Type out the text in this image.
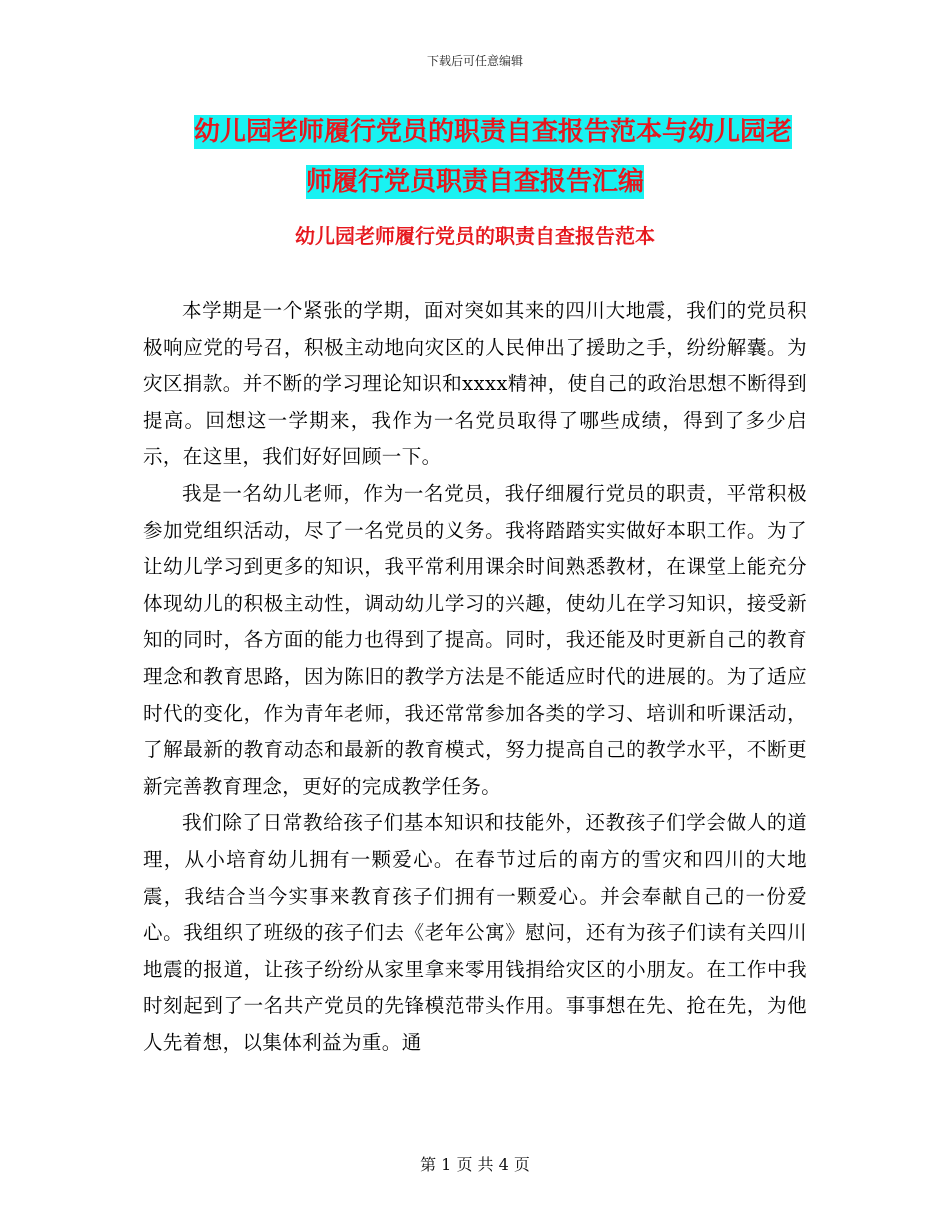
下载后可任意编辑
幼儿园老师履行党员的职责自查报告范本与幼儿园老
师履行党员职责自查报告汇编
幼儿园老师履行党员的职责自查报告范本

本学期是一个紧张的学期，面对突如其来的四川大地震，我们的党员积极响应党的号召，积极主动地向灾区的人民伸出了援助之手，纷纷解囊。为灾区捐款。并不断的学习理论知识和xxxx精神，使自己的政治思想不断得到提高。回想这一学期来，我作为一名党员取得了哪些成绩，得到了多少启示，在这里，我们好好回顾一下。

我是一名幼儿老师，作为一名党员，我仔细履行党员的职责，平常积极参加党组织活动，尽了一名党员的义务。我将踏踏实实做好本职工作。为了让幼儿学习到更多的知识，我平常利用课余时间熟悉教材，在课堂上能充分体现幼儿的积极主动性，调动幼儿学习的兴趣，使幼儿在学习知识，接受新知的同时，各方面的能力也得到了提高。同时，我还能及时更新自己的教育理念和教育思路，因为陈旧的教学方法是不能适应时代的进展的。为了适应时代的变化，作为青年老师，我还常常参加各类的学习、培训和听课活动，了解最新的教育动态和最新的教育模式，努力提高自己的教学水平，不断更新完善教育理念，更好的完成教学任务。

我们除了日常教给孩子们基本知识和技能外，还教孩子们学会做人的道理，从小培育幼儿拥有一颗爱心。在春节过后的南方的雪灾和四川的大地震，我结合当今实事来教育孩子们拥有一颗爱心。并会奉献自己的一份爱心。我组织了班级的孩子们去《老年公寓》慰问，还有为孩子们读有关四川地震的报道，让孩子纷纷从家里拿来零用钱捐给灾区的小朋友。在工作中我时刻起到了一名共产党员的先锋模范带头作用。事事想在先、抢在先，为他人先着想，以集体利益为重。通

第 1 页 共 4 页
